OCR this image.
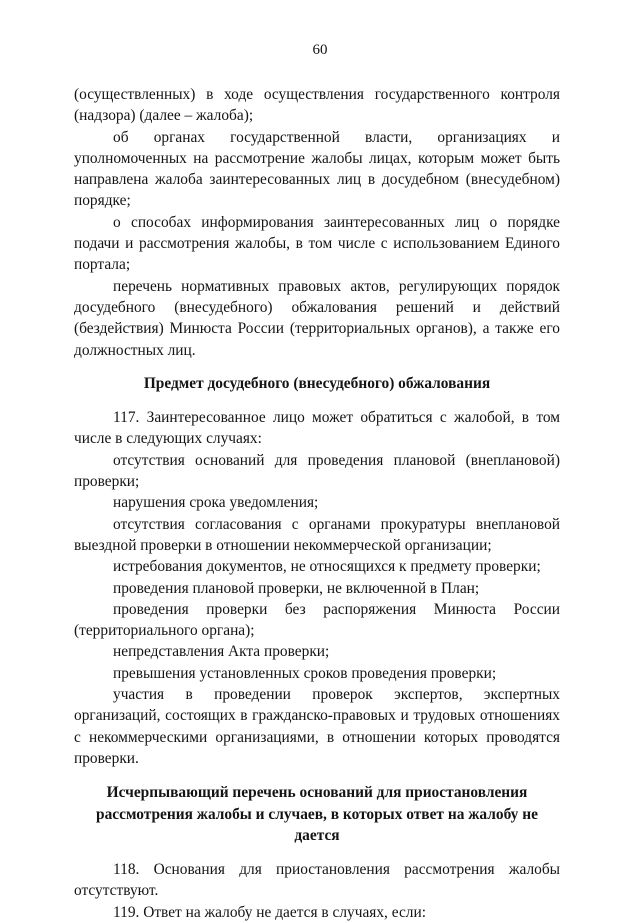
60

(осуществленных) в ходе осуществления государственного контроля (надзора) (далее – жалоба);

об органах государственной власти, организациях и уполномоченных на рассмотрение жалобы лицах, которым может быть направлена жалоба заинтересованных лиц в досудебном (внесудебном) порядке;

о способах информирования заинтересованных лиц о порядке подачи и рассмотрения жалобы, в том числе с использованием Единого портала;

перечень нормативных правовых актов, регулирующих порядок досудебного (внесудебного) обжалования решений и действий (бездействия) Минюста России (территориальных органов), а также его должностных лиц.

Предмет досудебного (внесудебного) обжалования

117. Заинтересованное лицо может обратиться с жалобой, в том числе в следующих случаях:

отсутствия оснований для проведения плановой (внеплановой) проверки;

нарушения срока уведомления;

отсутствия согласования с органами прокуратуры внеплановой выездной проверки в отношении некоммерческой организации;

истребования документов, не относящихся к предмету проверки;

проведения плановой проверки, не включенной в План;

проведения проверки без распоряжения Минюста России (территориального органа);

непредставления Акта проверки;

превышения установленных сроков проведения проверки;

участия в проведении проверок экспертов, экспертных организаций, состоящих в гражданско-правовых и трудовых отношениях с некоммерческими организациями, в отношении которых проводятся проверки.

Исчерпывающий перечень оснований для приостановления
рассмотрения жалобы и случаев, в которых ответ на жалобу не дается

118. Основания для приостановления рассмотрения жалобы отсутствуют.

119. Ответ на жалобу не дается в случаях, если:
